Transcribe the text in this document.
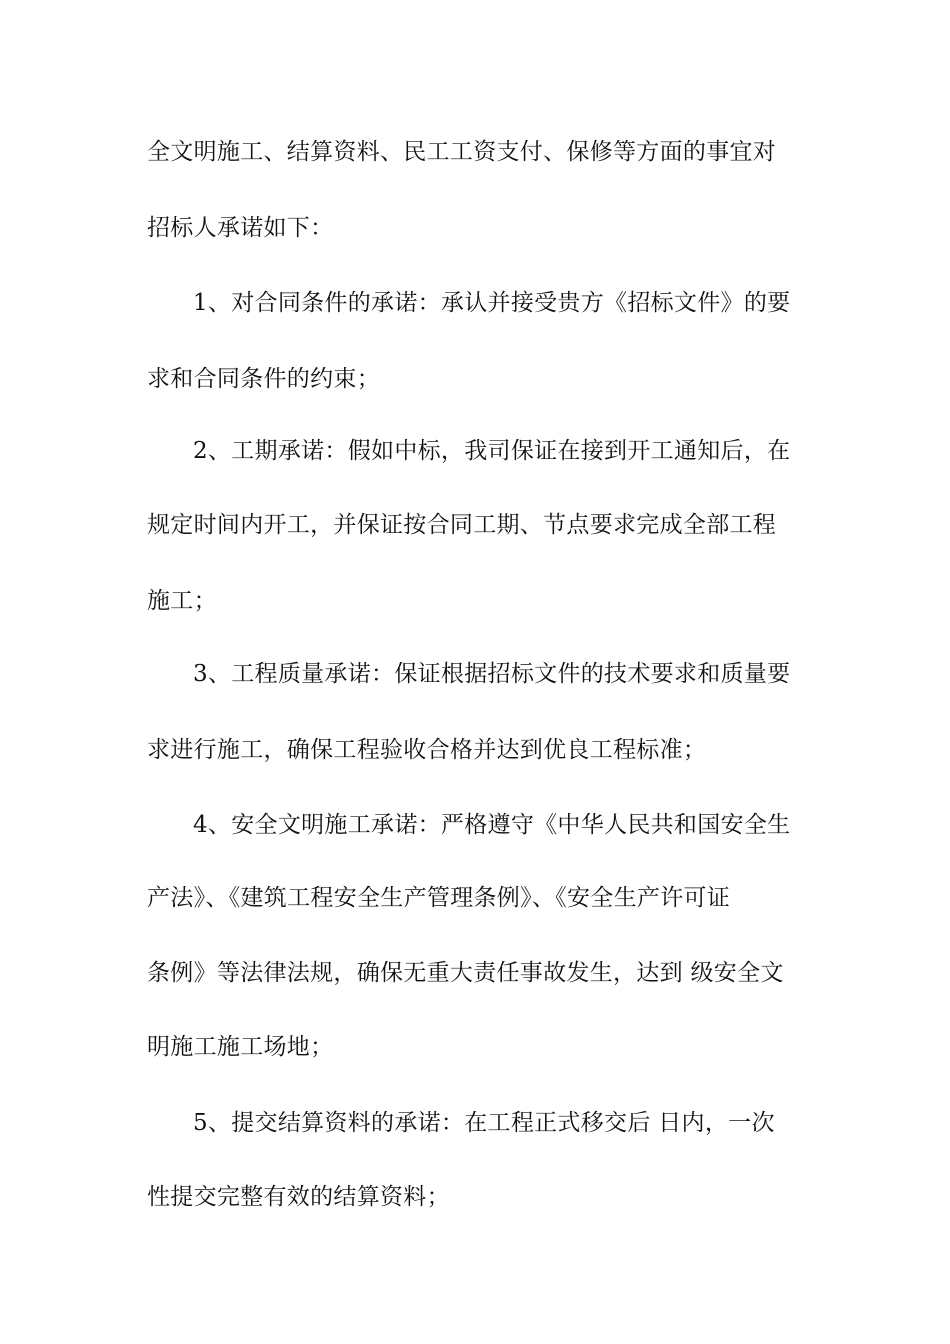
全文明施工、结算资料、民工工资支付、保修等方面的事宜对
招标人承诺如下：
1、对合同条件的承诺：承认并接受贵方《招标文件》的要
求和合同条件的约束；
2、工期承诺：假如中标，我司保证在接到开工通知后，在
规定时间内开工，并保证按合同工期、节点要求完成全部工程
施工；
3、工程质量承诺：保证根据招标文件的技术要求和质量要
求进行施工，确保工程验收合格并达到优良工程标准；
4、安全文明施工承诺：严格遵守《中华人民共和国安全生
产法》、《建筑工程安全生产管理条例》、《安全生产许可证
条例》等法律法规，确保无重大责任事故发生，达到 级安全文
明施工施工场地；
5、提交结算资料的承诺：在工程正式移交后 日内，一次
性提交完整有效的结算资料；
